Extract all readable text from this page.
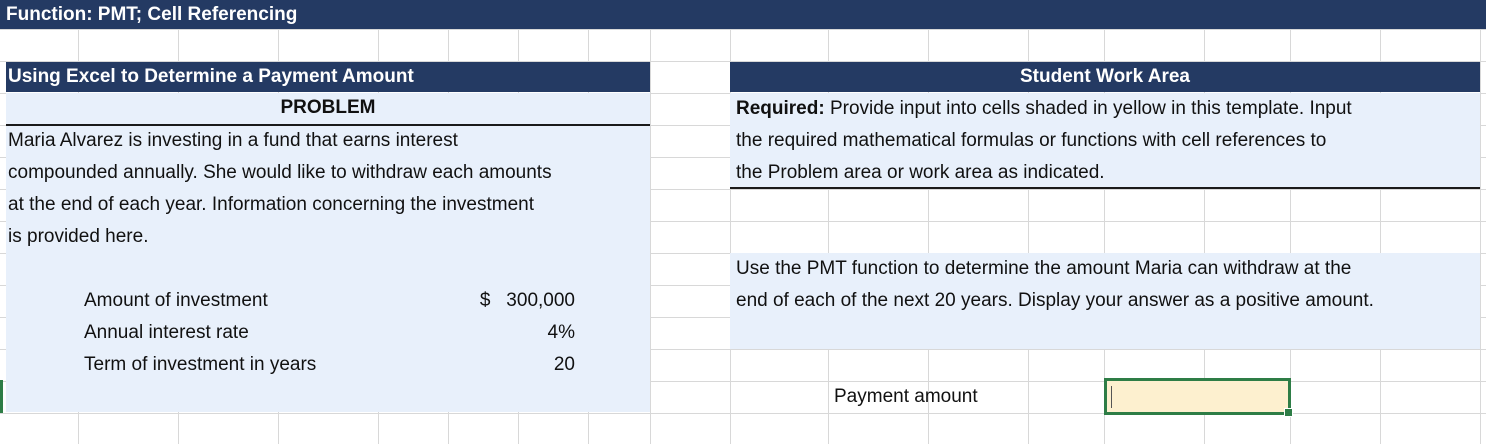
Function: PMT; Cell Referencing
Using Excel to Determine a Payment Amount
PROBLEM
Maria Alvarez is investing in a fund that earns interest
compounded annually. She would like to withdraw each amounts
at the end of each year. Information concerning the investment
is provided here.
Amount of investment	$   300,000
Annual interest rate	4%
Term of investment in years	20
Student Work Area
Required: Provide input into cells shaded in yellow in this template. Input
the required mathematical formulas or functions with cell references to
the Problem area or work area as indicated.
Use the PMT function to determine the amount Maria can withdraw at the
end of each of the next 20 years. Display your answer as a positive amount.
Payment amount
